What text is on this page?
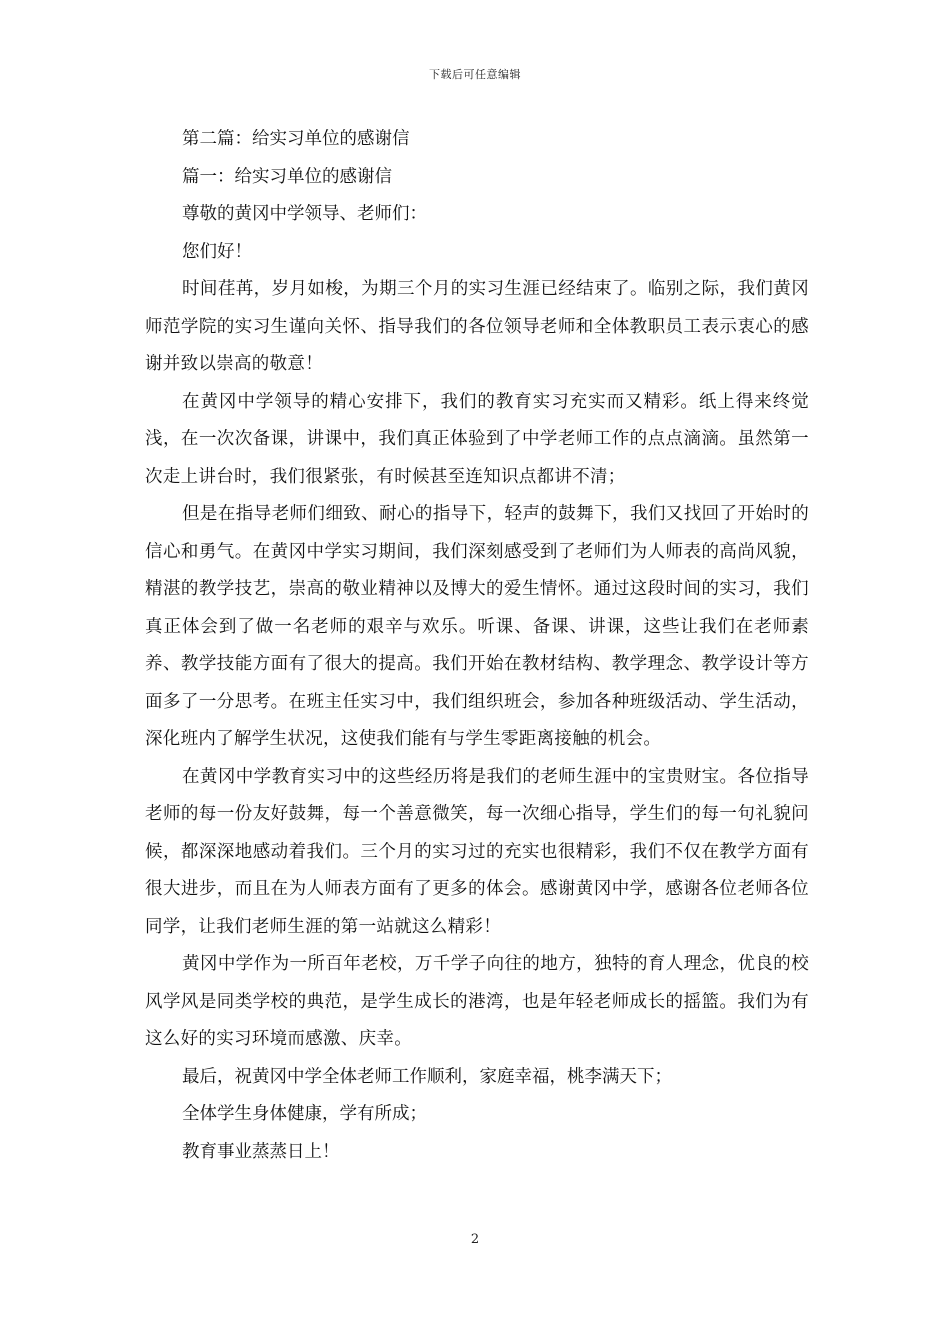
下载后可任意编辑

第二篇：给实习单位的感谢信

篇一：给实习单位的感谢信

尊敬的黄冈中学领导、老师们：

您们好！

时间荏苒，岁月如梭，为期三个月的实习生涯已经结束了。临别之际，我们黄冈师范学院的实习生谨向关怀、指导我们的各位领导老师和全体教职员工表示衷心的感谢并致以崇高的敬意！

在黄冈中学领导的精心安排下，我们的教育实习充实而又精彩。纸上得来终觉浅，在一次次备课，讲课中，我们真正体验到了中学老师工作的点点滴滴。虽然第一次走上讲台时，我们很紧张，有时候甚至连知识点都讲不清；

但是在指导老师们细致、耐心的指导下，轻声的鼓舞下，我们又找回了开始时的信心和勇气。在黄冈中学实习期间，我们深刻感受到了老师们为人师表的高尚风貌，精湛的教学技艺，崇高的敬业精神以及博大的爱生情怀。通过这段时间的实习，我们真正体会到了做一名老师的艰辛与欢乐。听课、备课、讲课，这些让我们在老师素养、教学技能方面有了很大的提高。我们开始在教材结构、教学理念、教学设计等方面多了一分思考。在班主任实习中，我们组织班会，参加各种班级活动、学生活动，深化班内了解学生状况，这使我们能有与学生零距离接触的机会。

在黄冈中学教育实习中的这些经历将是我们的老师生涯中的宝贵财宝。各位指导老师的每一份友好鼓舞，每一个善意微笑，每一次细心指导，学生们的每一句礼貌问候，都深深地感动着我们。三个月的实习过的充实也很精彩，我们不仅在教学方面有很大进步，而且在为人师表方面有了更多的体会。感谢黄冈中学，感谢各位老师各位同学，让我们老师生涯的第一站就这么精彩！

黄冈中学作为一所百年老校，万千学子向往的地方，独特的育人理念，优良的校风学风是同类学校的典范，是学生成长的港湾，也是年轻老师成长的摇篮。我们为有这么好的实习环境而感激、庆幸。

最后，祝黄冈中学全体老师工作顺利，家庭幸福，桃李满天下；

全体学生身体健康，学有所成；

教育事业蒸蒸日上！

2
